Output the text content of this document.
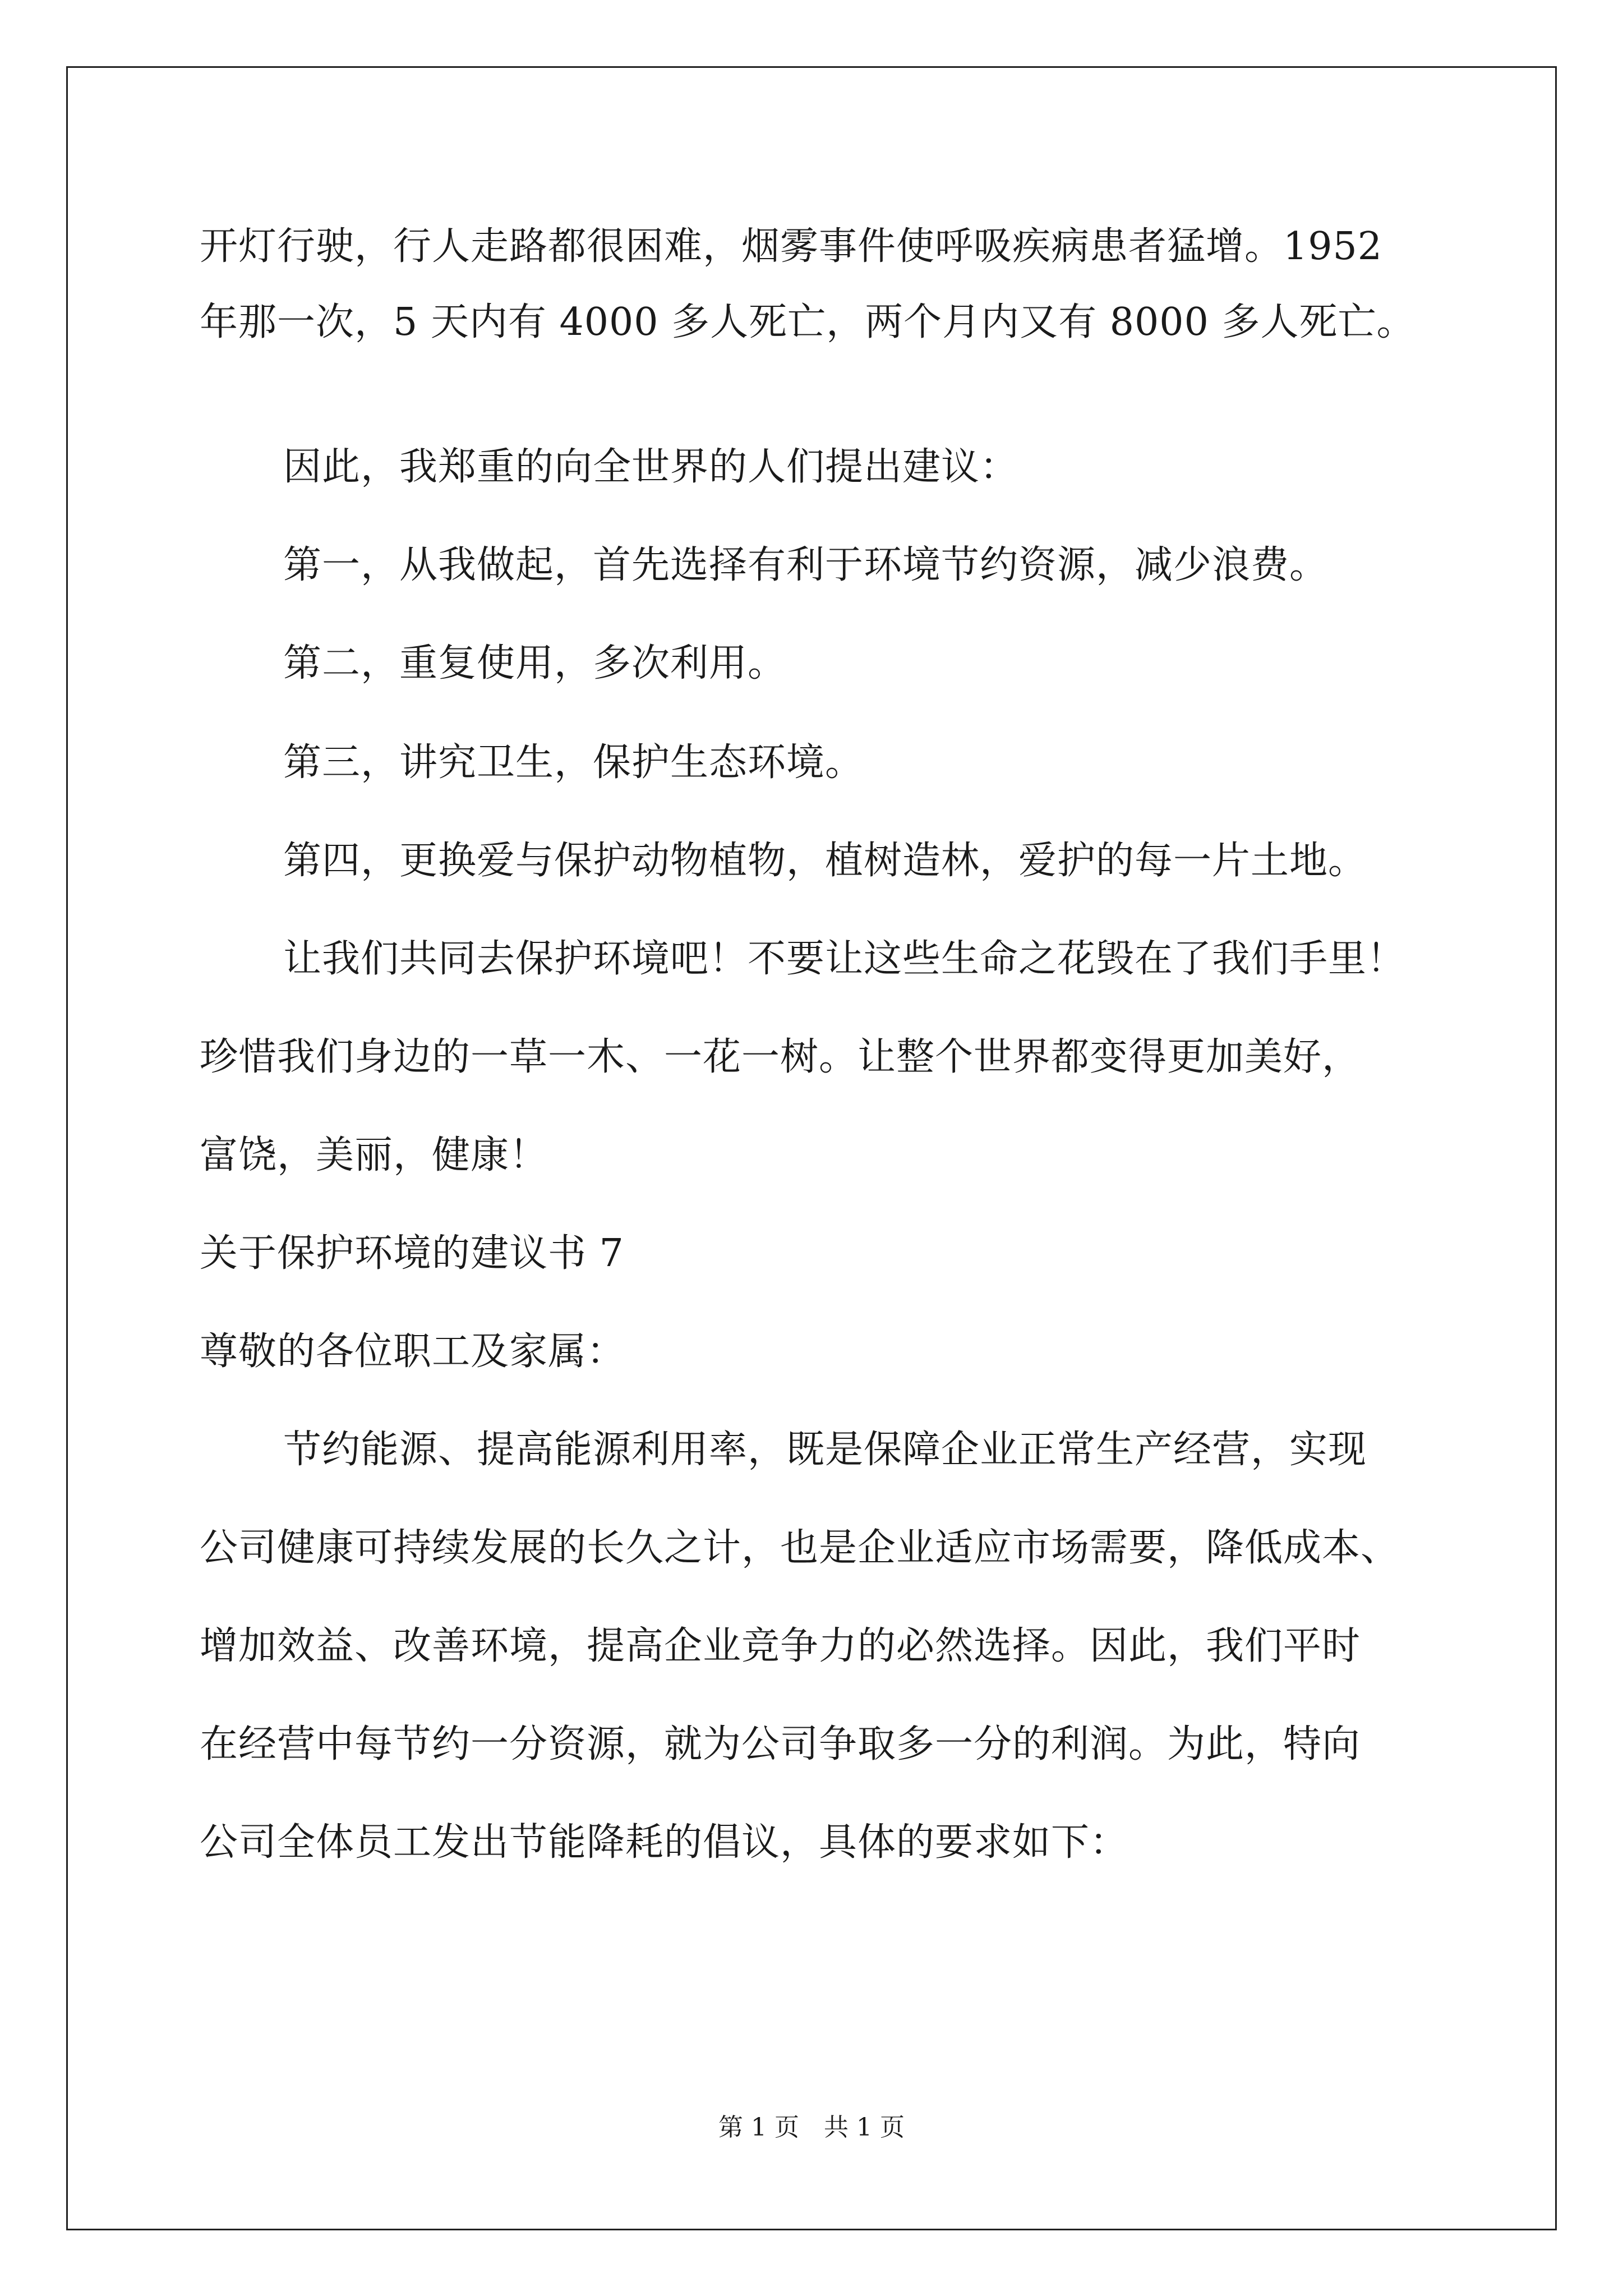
开灯行驶，行人走路都很困难，烟雾事件使呼吸疾病患者猛增。1952
年那一次，5 天内有 4000 多人死亡，两个月内又有 8000 多人死亡。
因此，我郑重的向全世界的人们提出建议：
第一，从我做起，首先选择有利于环境节约资源，减少浪费。
第二，重复使用，多次利用。
第三，讲究卫生，保护生态环境。
第四，更换爱与保护动物植物，植树造林，爱护的每一片土地。
让我们共同去保护环境吧！不要让这些生命之花毁在了我们手里！
珍惜我们身边的一草一木、一花一树。让整个世界都变得更加美好，
富饶，美丽，健康！
关于保护环境的建议书 7
尊敬的各位职工及家属：
节约能源、提高能源利用率，既是保障企业正常生产经营，实现
公司健康可持续发展的长久之计，也是企业适应市场需要，降低成本、
增加效益、改善环境，提高企业竞争力的必然选择。因此，我们平时
在经营中每节约一分资源，就为公司争取多一分的利润。为此，特向
公司全体员工发出节能降耗的倡议，具体的要求如下：
第 1 页　共 1 页
